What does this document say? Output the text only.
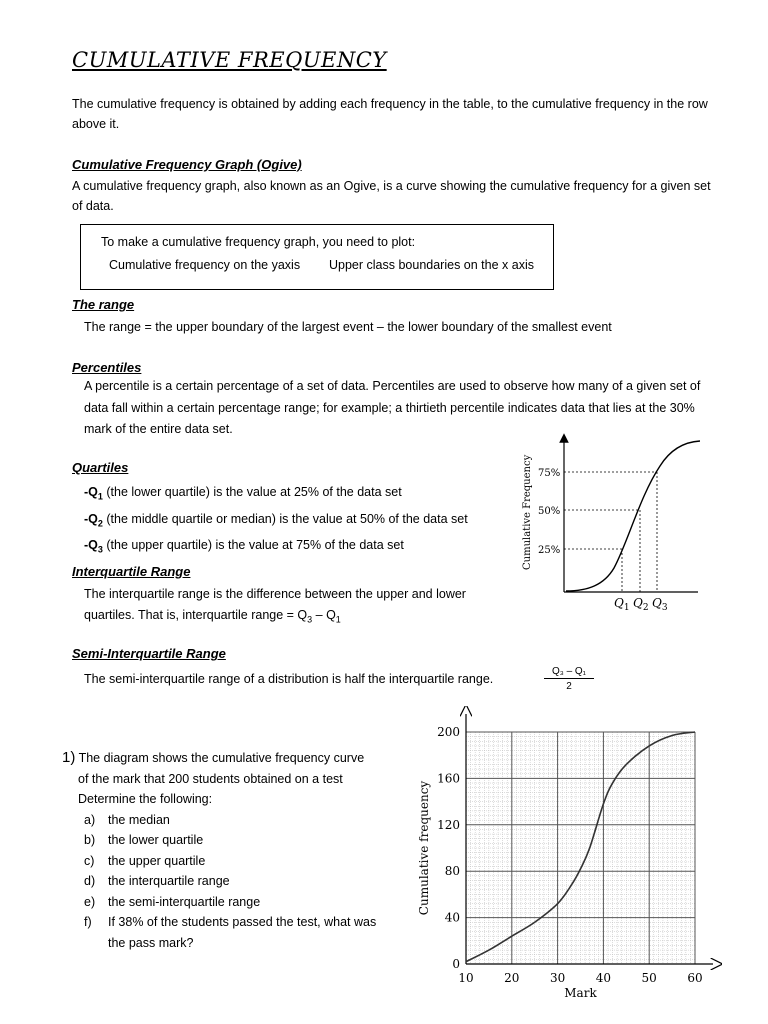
CUMULATIVE FREQUENCY
The cumulative frequency is obtained by adding each frequency in the table, to the cumulative frequency in the row above it.
Cumulative Frequency Graph (Ogive)
A cumulative frequency graph, also known as an Ogive, is a curve showing the cumulative frequency for a given set of data.
To make a cumulative frequency graph, you need to plot:
Cumulative frequency on the yaxis Upper class boundaries on the x axis
The range
The range = the upper boundary of the largest event – the lower boundary of the smallest event
Percentiles
A percentile is a certain percentage of a set of data. Percentiles are used to observe how many of a given set of data fall within a certain percentage range; for example; a thirtieth percentile indicates data that lies at the 30% mark of the entire data set.
Quartiles
$-Q_1$ (the lower quartile) is the value at 25% of the data set
$-Q_2$ (the middle quartile or median) is the value at 50% of the data set
$-Q_3$ (the upper quartile) is the value at 75% of the data set
Interquartile Range
The interquartile range is the difference between the upper and lower
quartiles. That is, interquartile range = $Q_3 - Q_1$
Semi-Interquartile Range
The semi-interquartile range of a distribution is half the interquartile range.	$\frac{\text{Q₃ – Q₁}}{2}$
75%
50%
25%
Cumulative Frequency
$Q_1$ $Q_2$ $Q_3$
1) The diagram shows the cumulative frequency curve
of the mark that 200 students obtained on a test
Determine the following:
a) the median
b) the lower quartile
c) the upper quartile
d) the interquartile range
e) the semi-interquartile range
f) If 38% of the students passed the test, what was
the pass mark?
10	20	30	40	50	60
0
40
80
120
160
200
Mark
Cumulative frequency
